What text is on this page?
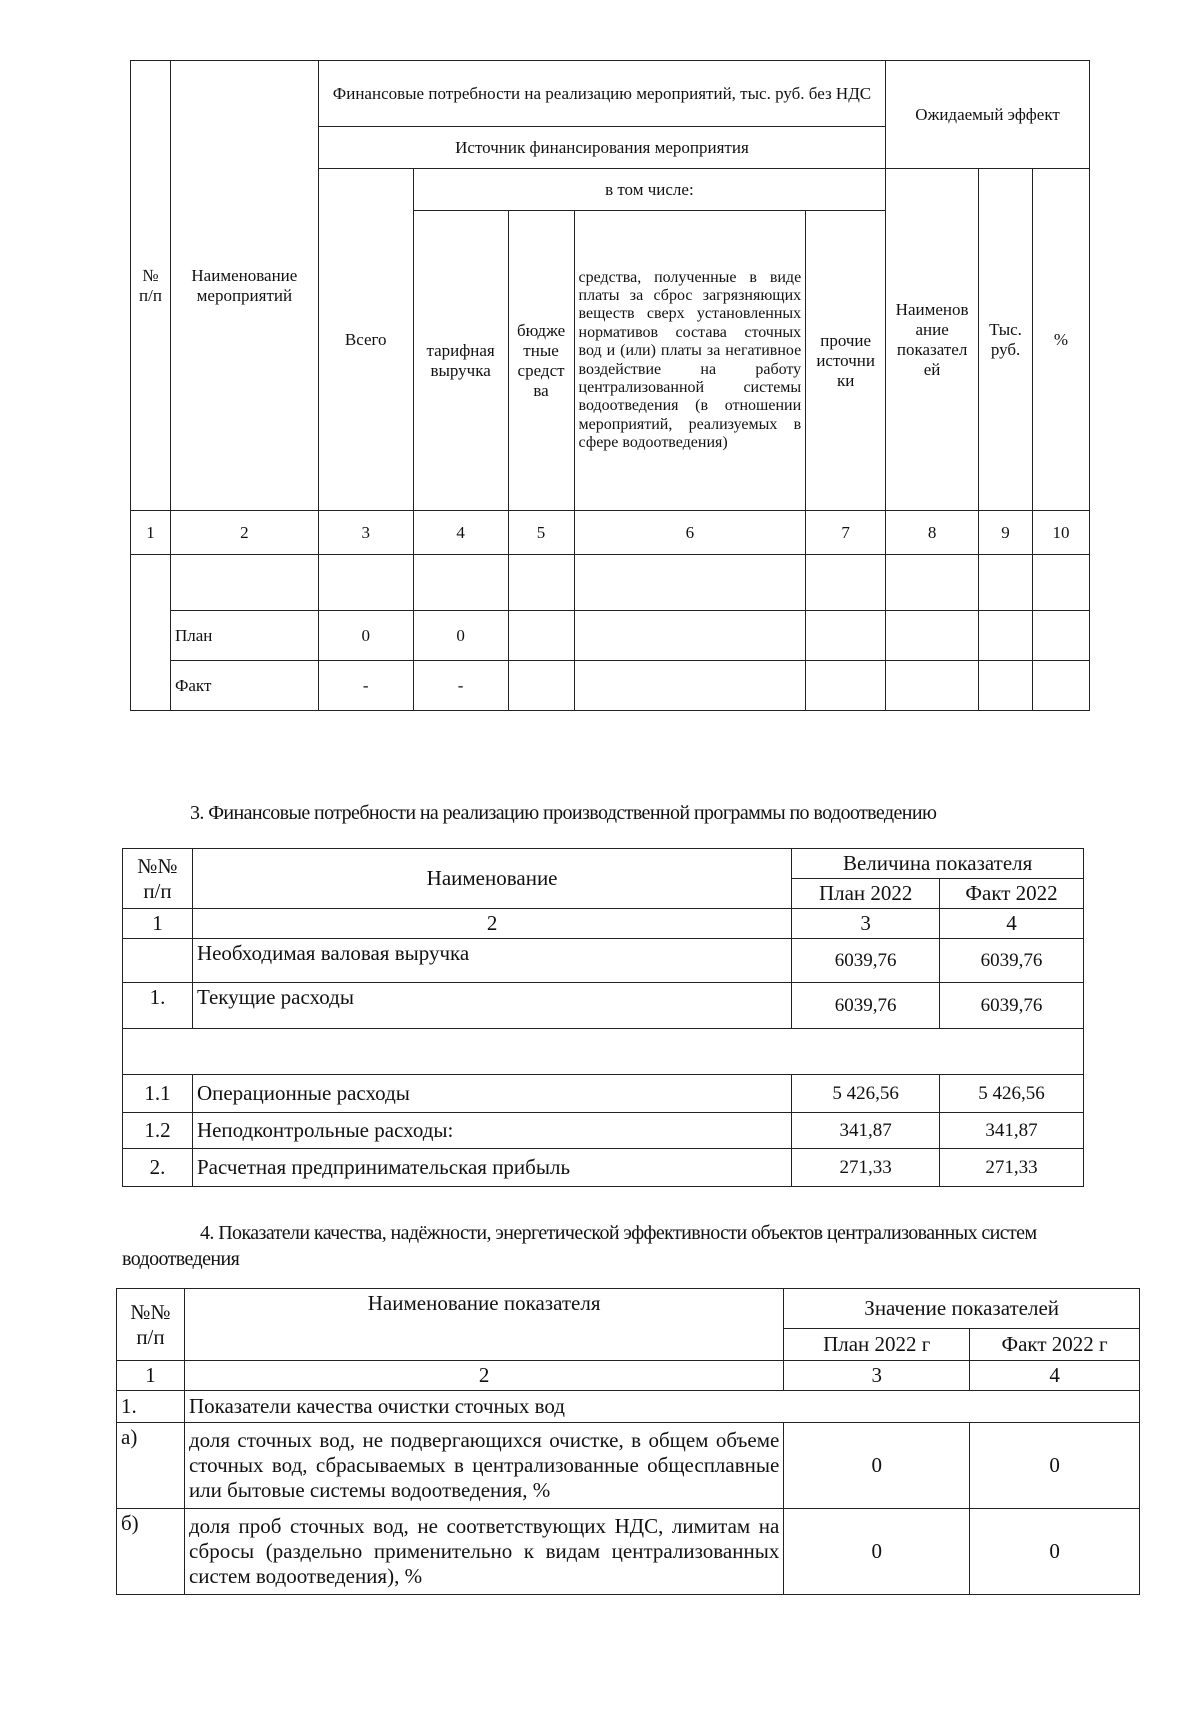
№ п/п	Наименование мероприятий	Финансовые потребности на реализацию мероприятий, тыс. руб. без НДС					Ожидаемый эффект		
		Источник финансирования мероприятия							
		Всего	в том числе:				Наименов ание показател ей	Тыс. руб.	%
			тарифная выручка	бюдже тные средст ва	средства, полученные в виде платы за сброс загрязняющих веществ сверх установленных нормативов состава сточных вод и (или) платы за негативное воздействие на работу централизованной системы водоотведения (в отношении мероприятий, реализуемых в сфере водоотведения)	прочие источни ки			
1	2	3	4	5	6	7	8	9	10

	План	0	0						
	Факт	-	-						
3. Финансовые потребности на реализацию производственной программы по водоотведению
№№ п/п	Наименование	Величина показателя	
		План 2022	Факт 2022
1	2	3	4
	Необходимая валовая выручка	6039,76	6039,76
1.	Текущие расходы	6039,76	6039,76

1.1	Операционные расходы	5 426,56	5 426,56
1.2	Неподконтрольные расходы:	341,87	341,87
2.	Расчетная предпринимательская прибыль	271,33	271,33
4. Показатели качества, надёжности, энергетической эффективности объектов централизованных систем водоотведения
№№ п/п	Наименование показателя	Значение показателей	
		План 2022 г	Факт 2022 г
1	2	3	4
1.	Показатели качества очистки сточных вод		
а)	доля сточных вод, не подвергающихся очистке, в общем объеме сточных вод, сбрасываемых в централизованные общесплавные или бытовые системы водоотведения, %	0	0
б)	доля проб сточных вод, не соответствующих НДС, лимитам на сбросы (раздельно применительно к видам централизованных систем водоотведения), %	0	0
